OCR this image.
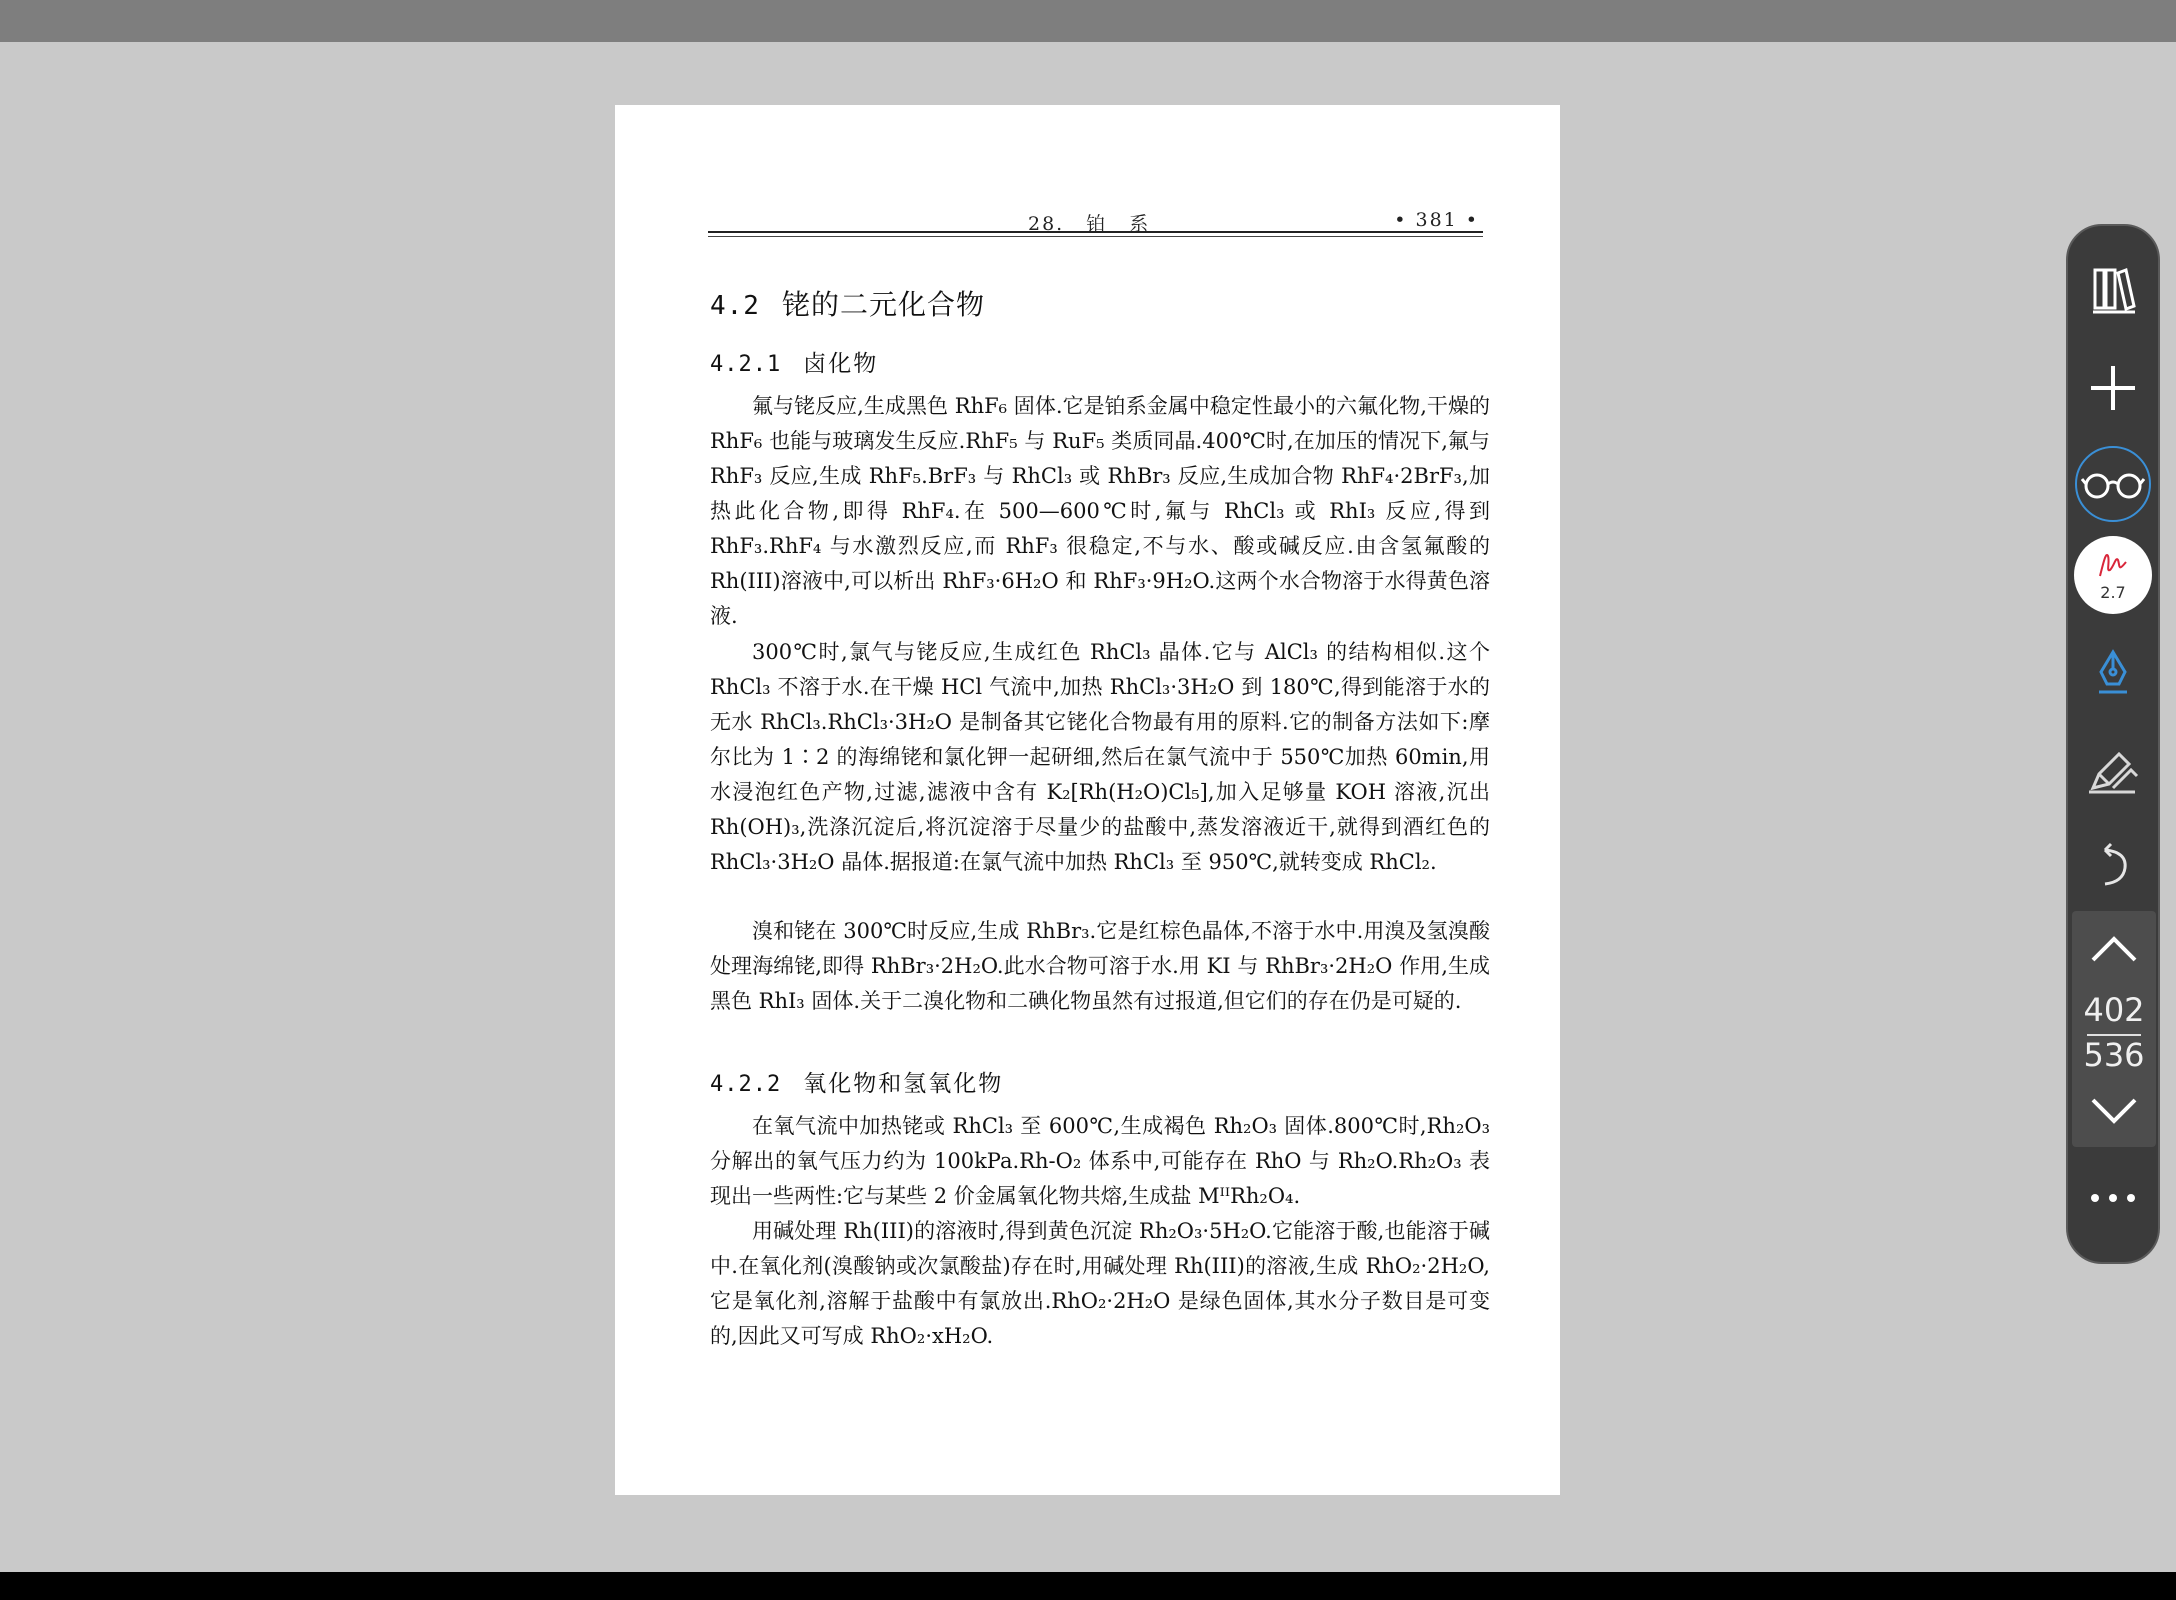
28. 铂 系	• 381 •
4.2 铑的二元化合物
4.2.1 卤化物

氟与铑反应,生成黑色 RhF₆ 固体.它是铂系金属中稳定性最小的六氟化物,干燥的 RhF₆ 也能与玻璃发生反应.RhF₅ 与 RuF₅ 类质同晶.400℃时,在加压的情况下,氟与 RhF₃ 反应,生成 RhF₅.BrF₃ 与 RhCl₃ 或 RhBr₃ 反应,生成加合物 RhF₄·2BrF₃,加热此化合物,即得 RhF₄.在 500—600℃时,氟与 RhCl₃ 或 RhI₃ 反应,得到 RhF₃.RhF₄ 与水激烈反应,而 RhF₃ 很稳定,不与水、酸或碱反应.由含氢氟酸的 Rh(III)溶液中,可以析出 RhF₃·6H₂O 和 RhF₃·9H₂O.这两个水合物溶于水得黄色溶液.

300℃时,氯气与铑反应,生成红色 RhCl₃ 晶体.它与 AlCl₃ 的结构相似.这个 RhCl₃ 不溶于水.在干燥 HCl 气流中,加热 RhCl₃·3H₂O 到 180℃,得到能溶于水的无水 RhCl₃.RhCl₃·3H₂O 是制备其它铑化合物最有用的原料.它的制备方法如下:摩尔比为 1∶2 的海绵铑和氯化钾一起研细,然后在氯气流中于 550℃加热 60min,用水浸泡红色产物,过滤,滤液中含有 K₂[Rh(H₂O)Cl₅],加入足够量 KOH 溶液,沉出 Rh(OH)₃,洗涤沉淀后,将沉淀溶于尽量少的盐酸中,蒸发溶液近干,就得到酒红色的 RhCl₃·3H₂O 晶体.据报道:在氯气流中加热 RhCl₃ 至 950℃,就转变成 RhCl₂.

溴和铑在 300℃时反应,生成 RhBr₃.它是红棕色晶体,不溶于水中.用溴及氢溴酸处理海绵铑,即得 RhBr₃·2H₂O.此水合物可溶于水.用 KI 与 RhBr₃·2H₂O 作用,生成黑色 RhI₃ 固体.关于二溴化物和二碘化物虽然有过报道,但它们的存在仍是可疑的.

4.2.2 氧化物和氢氧化物

在氧气流中加热铑或 RhCl₃ 至 600℃,生成褐色 Rh₂O₃ 固体.800℃时,Rh₂O₃ 分解出的氧气压力约为 100kPa.Rh-O₂ 体系中,可能存在 RhO 与 Rh₂O.Rh₂O₃ 表现出一些两性:它与某些 2 价金属氧化物共熔,生成盐 MᴵᴵRh₂O₄.

用碱处理 Rh(III)的溶液时,得到黄色沉淀 Rh₂O₃·5H₂O.它能溶于酸,也能溶于碱中.在氧化剂(溴酸钠或次氯酸盐)存在时,用碱处理 Rh(III)的溶液,生成 RhO₂·2H₂O,它是氧化剂,溶解于盐酸中有氯放出.RhO₂·2H₂O 是绿色固体,其水分子数目是可变的,因此又可写成 RhO₂·xH₂O.

2.7
402
536
